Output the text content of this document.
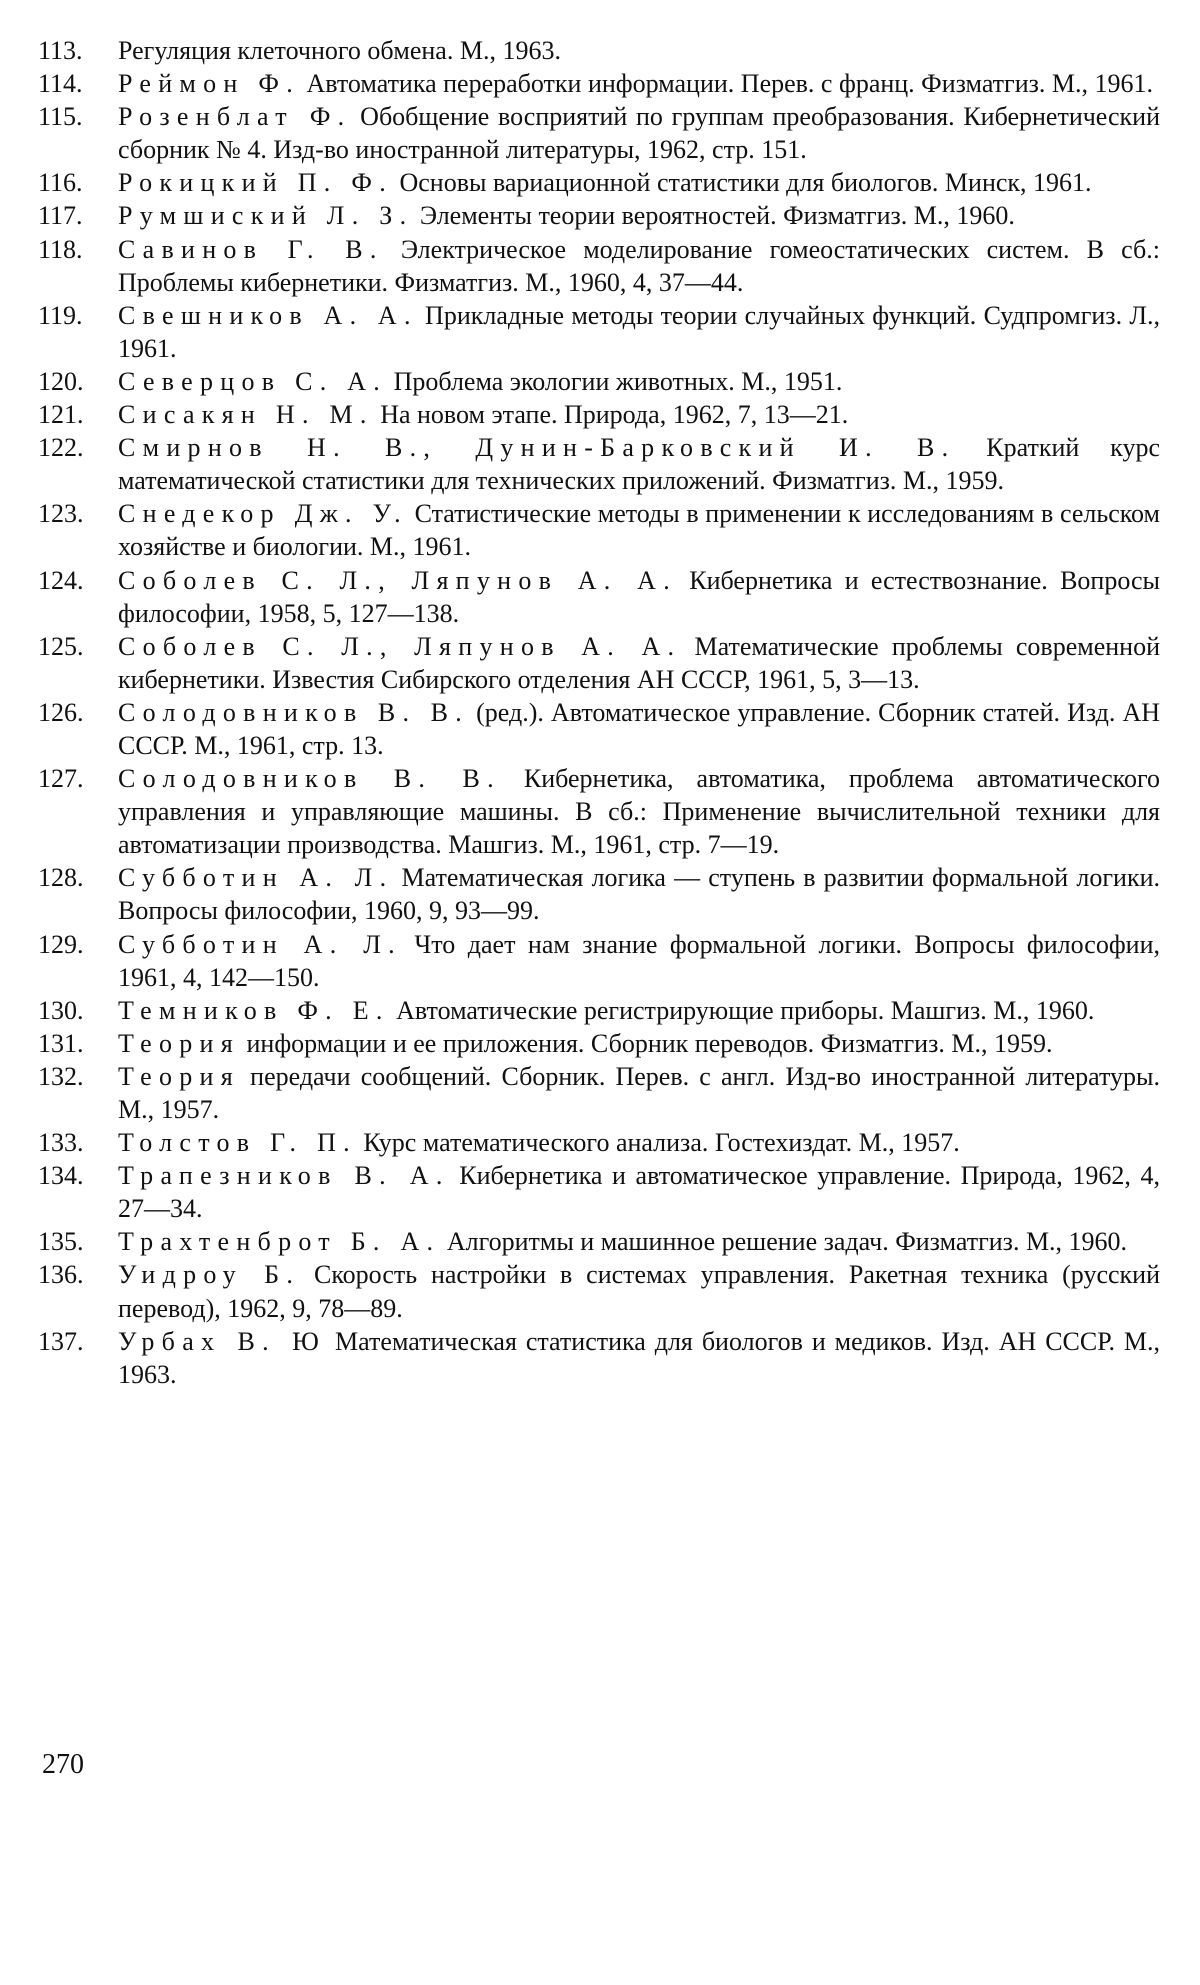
113.	Регуляция клеточного обмена. М., 1963.
114.	Реймон Ф. Автоматика переработки информации. Перев. с франц. Физматгиз. М., 1961.
115.	Розенблат Ф. Обобщение восприятий по группам преобразования. Кибернетический сборник № 4. Изд-во иностранной литературы, 1962, стр. 151.
116.	Рокицкий П. Ф. Основы вариационной статистики для биологов. Минск, 1961.
117.	Румшиский Л. З. Элементы теории вероятностей. Физматгиз. М., 1960.
118.	Савинов Г. В. Электрическое моделирование гомеостатических систем. В сб.: Проблемы кибернетики. Физматгиз. М., 1960, 4, 37—44.
119.	Свешников А. А. Прикладные методы теории случайных функций. Судпромгиз. Л., 1961.
120.	Северцов С. А. Проблема экологии животных. М., 1951.
121.	Сисакян Н. М. На новом этапе. Природа, 1962, 7, 13—21.
122.	Смирнов Н. В., Дунин-Барковский И. В. Краткий курс математической статистики для технических приложений. Физматгиз. М., 1959.
123.	Снедекор Дж. У. Статистические методы в применении к исследованиям в сельском хозяйстве и биологии. М., 1961.
124.	Соболев С. Л., Ляпунов А. А. Кибернетика и естествознание. Вопросы философии, 1958, 5, 127—138.
125.	Соболев С. Л., Ляпунов А. А. Математические проблемы современной кибернетики. Известия Сибирского отделения АН СССР, 1961, 5, 3—13.
126.	Солодовников В. В. (ред.). Автоматическое управление. Сборник статей. Изд. АН СССР. М., 1961, стр. 13.
127.	Солодовников В. В. Кибернетика, автоматика, проблема автоматического управления и управляющие машины. В сб.: Применение вычислительной техники для автоматизации производства. Машгиз. М., 1961, стр. 7—19.
128.	Субботин А. Л. Математическая логика — ступень в развитии формальной логики. Вопросы философии, 1960, 9, 93—99.
129.	Субботин А. Л. Что дает нам знание формальной логики. Вопросы философии, 1961, 4, 142—150.
130.	Темников Ф. Е. Автоматические регистрирующие приборы. Машгиз. М., 1960.
131.	Теория информации и ее приложения. Сборник переводов. Физматгиз. М., 1959.
132.	Теория передачи сообщений. Сборник. Перев. с англ. Изд-во иностранной литературы. М., 1957.
133.	Толстов Г. П. Курс математического анализа. Гостехиздат. М., 1957.
134.	Трапезников В. А. Кибернетика и автоматическое управление. Природа, 1962, 4, 27—34.
135.	Трахтенброт Б. А. Алгоритмы и машинное решение задач. Физматгиз. М., 1960.
136.	Уидроу Б. Скорость настройки в системах управления. Ракетная техника (русский перевод), 1962, 9, 78—89.
137.	Урбах В. Ю Математическая статистика для биологов и медиков. Изд. АН СССР. М., 1963.
270
